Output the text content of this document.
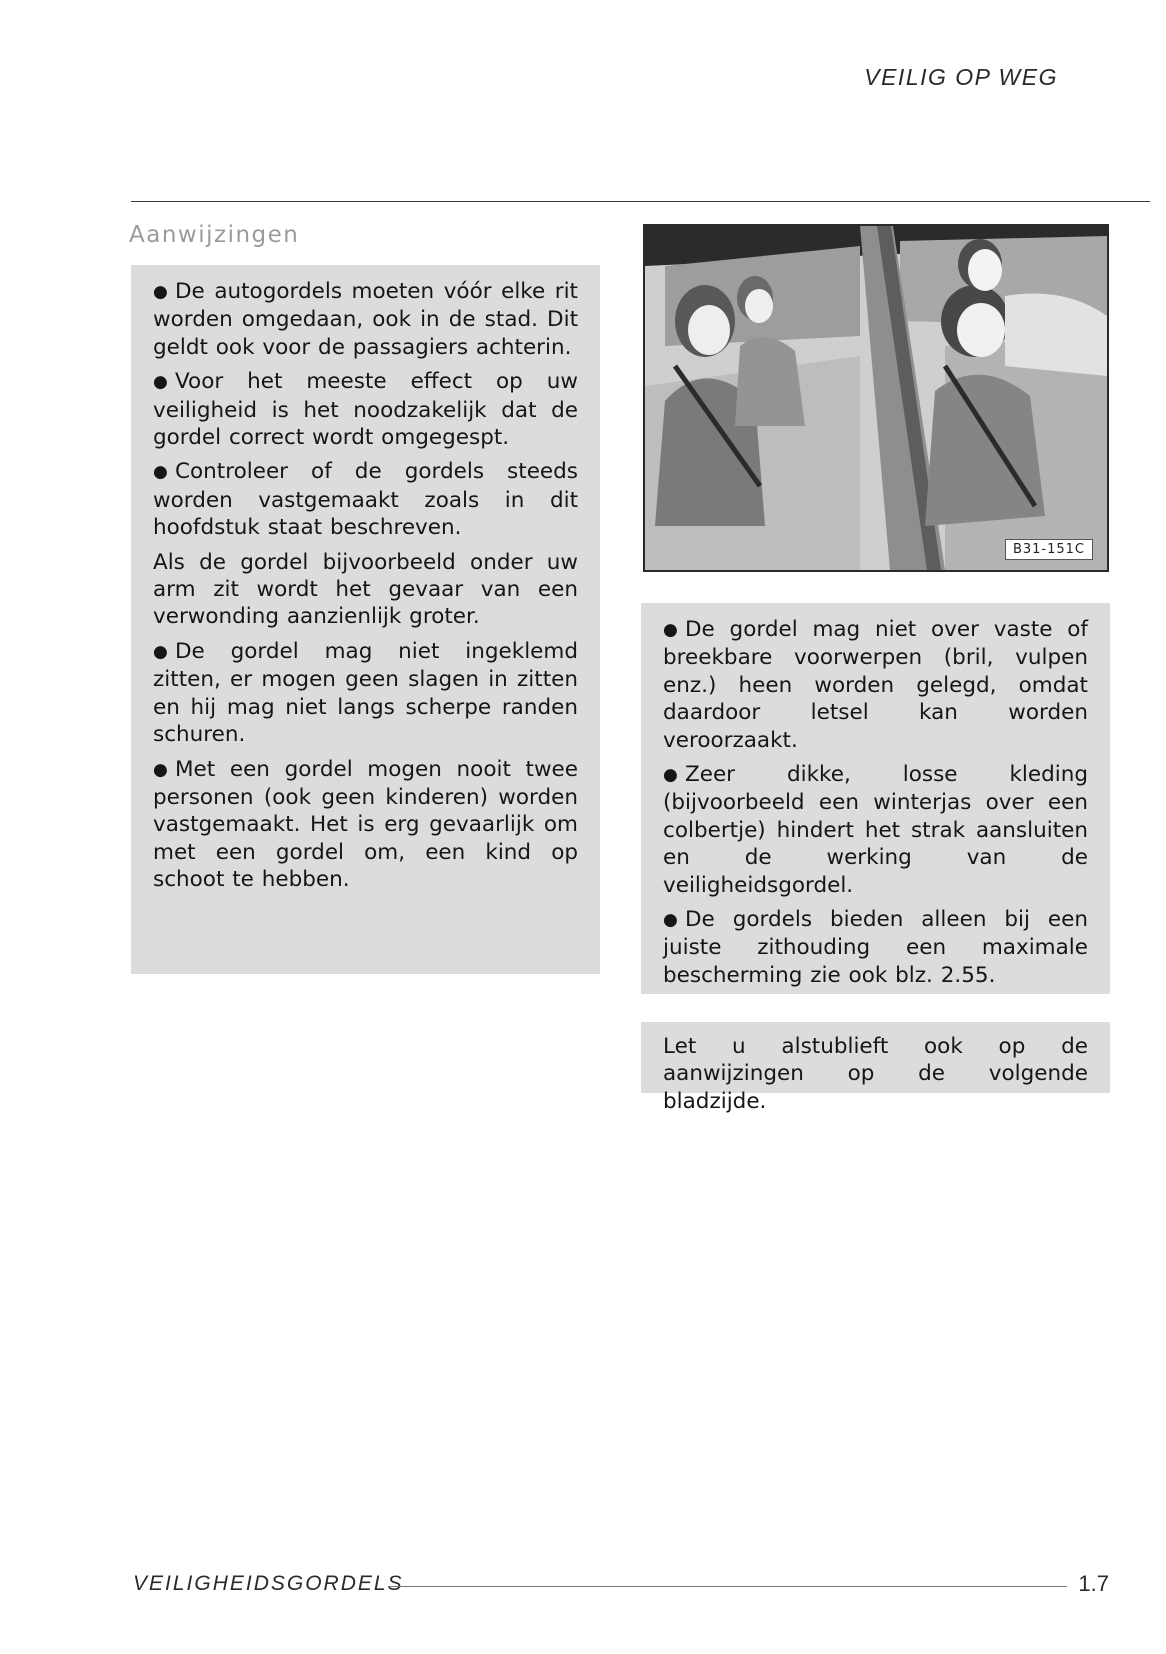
VEILIG OP WEG
Aanwijzingen

● De autogordels moeten vóór elke rit worden omgedaan, ook in de stad. Dit geldt ook voor de passagiers achterin.

● Voor het meeste effect op uw veiligheid is het noodzakelijk dat de gordel correct wordt omgegespt.

● Controleer of de gordels steeds worden vastgemaakt zoals in dit hoofdstuk staat beschreven.

Als de gordel bijvoorbeeld onder uw arm zit wordt het gevaar van een verwonding aanzienlijk groter.

● De gordel mag niet ingeklemd zitten, er mogen geen slagen in zitten en hij mag niet langs scherpe randen schuren.

● Met een gordel mogen nooit twee personen (ook geen kinderen) worden vastgemaakt. Het is erg gevaarlijk om met een gordel om, een kind op schoot te hebben.

B31-151C

● De gordel mag niet over vaste of breekbare voorwerpen (bril, vulpen enz.) heen worden gelegd, omdat daardoor letsel kan worden veroorzaakt.

● Zeer dikke, losse kleding (bijvoorbeeld een winterjas over een colbertje) hindert het strak aansluiten en de werking van de veiligheidsgordel.

● De gordels bieden alleen bij een juiste zithouding een maximale bescherming zie ook blz. 2.55.

Let u alstublieft ook op de aanwijzingen op de volgende bladzijde.

VEILIGHEIDSGORDELS	1.7
